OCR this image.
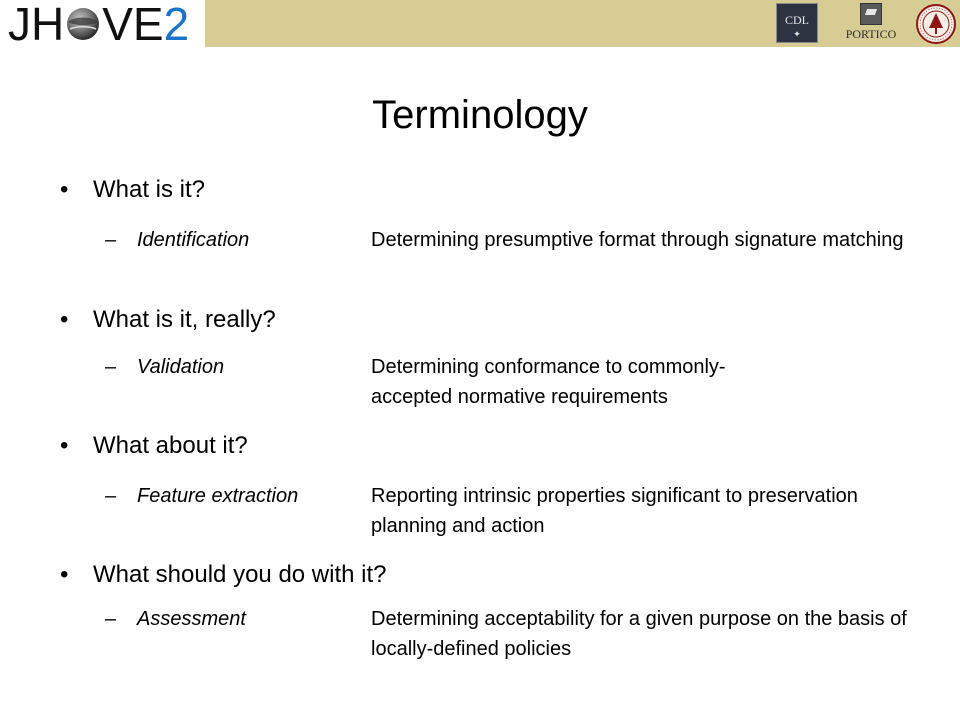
JH VE 2	CDL
✦	PORTICO
Terminology
• What is it?
– Identification	Determining presumptive format through signature matching
• What is it, really?
– Validation	Determining conformance to commonly-accepted normative requirements
• What about it?
– Feature extraction	Reporting intrinsic properties significant to preservation planning and action
• What should you do with it?
– Assessment	Determining acceptability for a given purpose on the basis of locally-defined policies
